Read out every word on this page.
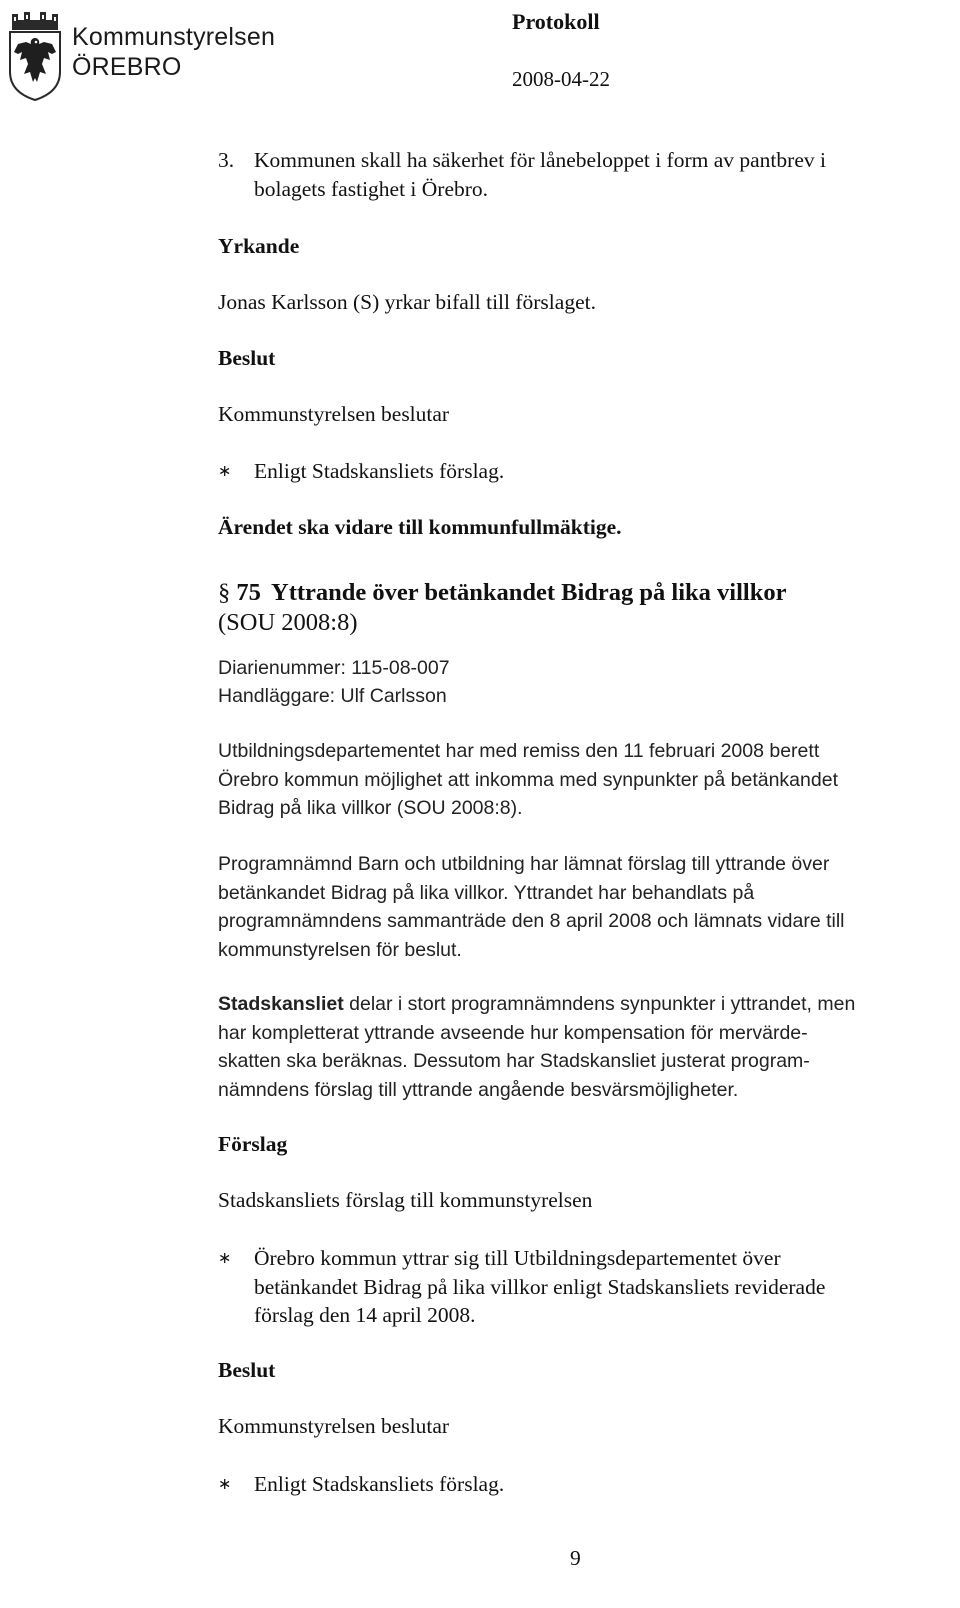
Kommunstyrelsen
ÖREBRO
Protokoll
2008-04-22
3. Kommunen skall ha säkerhet för lånebeloppet i form av pantbrev i
bolagets fastighet i Örebro.
Yrkande
Jonas Karlsson (S) yrkar bifall till förslaget.
Beslut
Kommunstyrelsen beslutar
∗	Enligt Stadskansliets förslag.
Ärendet ska vidare till kommunfullmäktige.
§ 75 Yttrande över betänkandet Bidrag på lika villkor
(SOU 2008:8)
Diarienummer: 115-08-007
Handläggare: Ulf Carlsson
Utbildningsdepartementet har med remiss den 11 februari 2008 berett
Örebro kommun möjlighet att inkomma med synpunkter på betänkandet
Bidrag på lika villkor (SOU 2008:8).
Programnämnd Barn och utbildning har lämnat förslag till yttrande över
betänkandet Bidrag på lika villkor. Yttrandet har behandlats på
programnämndens sammanträde den 8 april 2008 och lämnats vidare till
kommunstyrelsen för beslut.
Stadskansliet delar i stort programnämndens synpunkter i yttrandet, men
har kompletterat yttrande avseende hur kompensation för mervärde-
skatten ska beräknas. Dessutom har Stadskansliet justerat program-
nämndens förslag till yttrande angående besvärsmöjligheter.
Förslag
Stadskansliets förslag till kommunstyrelsen
∗	Örebro kommun yttrar sig till Utbildningsdepartementet över
betänkandet Bidrag på lika villkor enligt Stadskansliets reviderade
förslag den 14 april 2008.
Beslut
Kommunstyrelsen beslutar
∗	Enligt Stadskansliets förslag.
9
